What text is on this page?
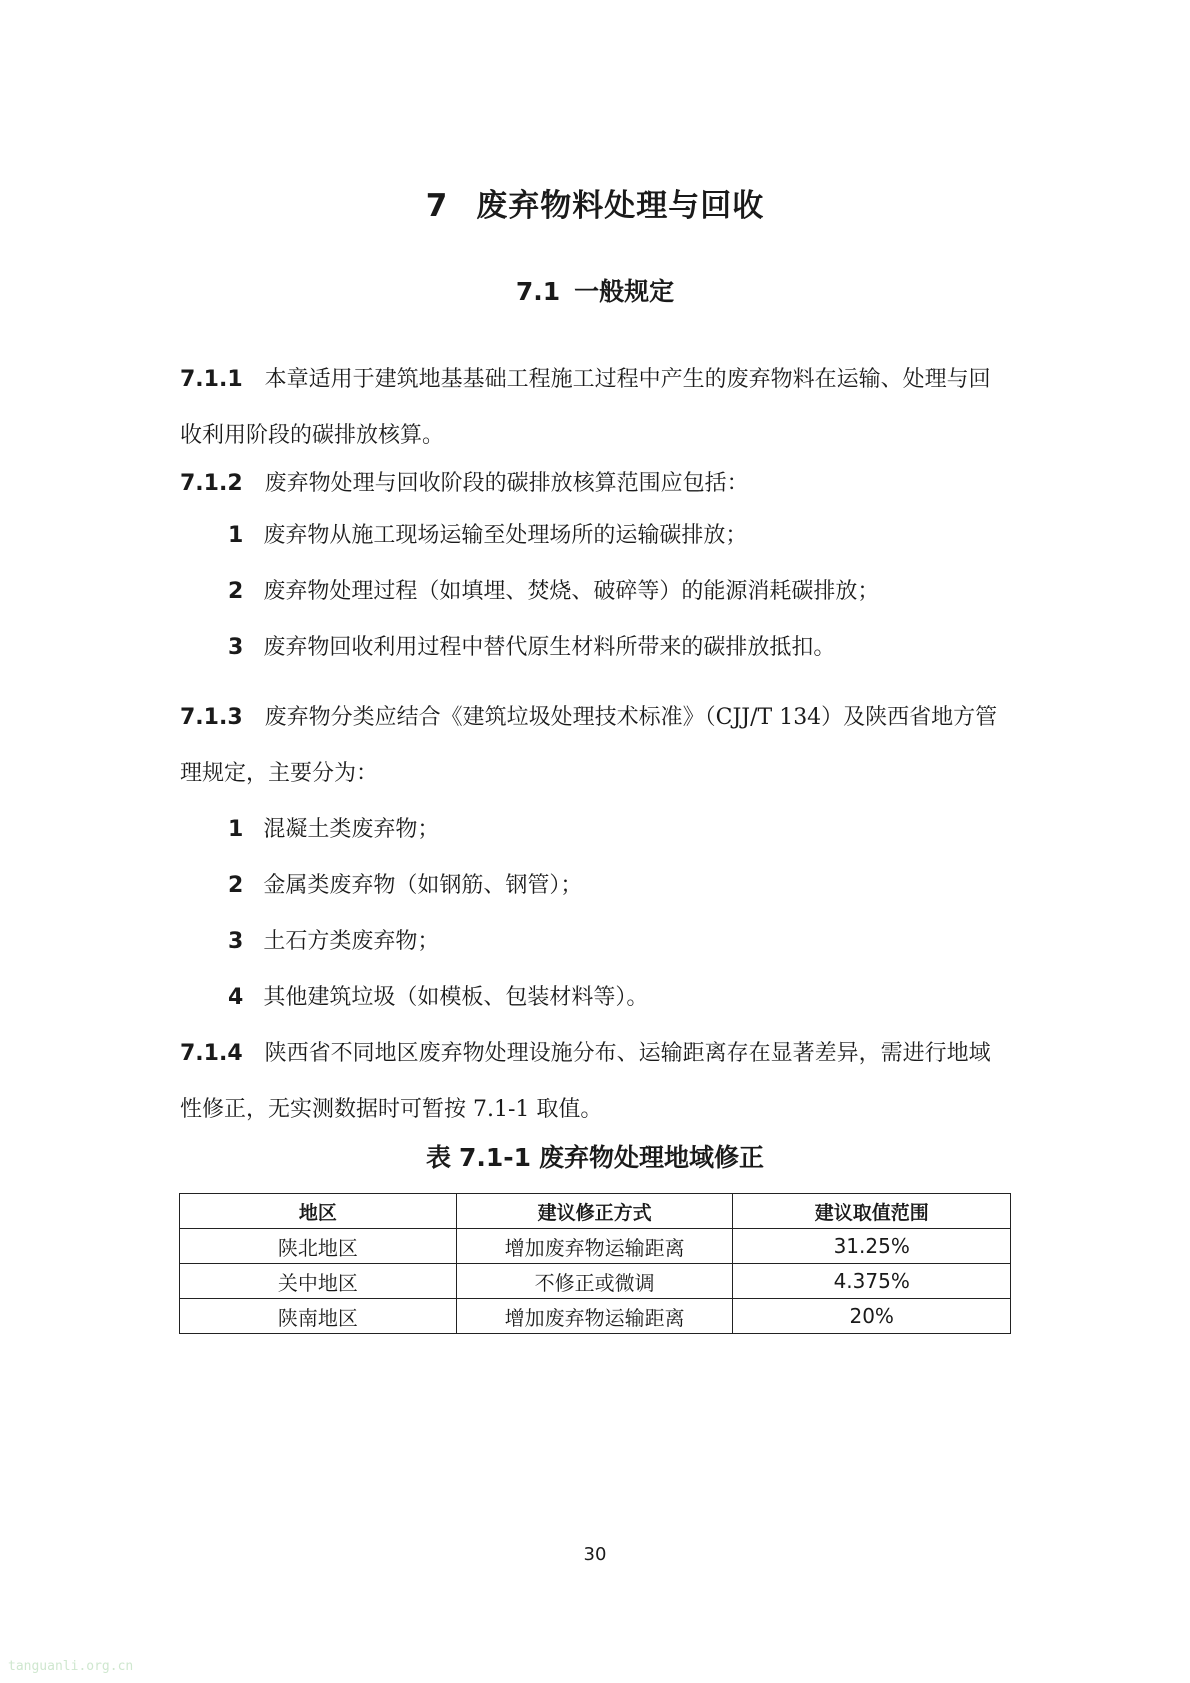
7 废弃物料处理与回收
7.1 一般规定
7.1.1 本章适用于建筑地基基础工程施工过程中产生的废弃物料在运输、处理与回收利用阶段的碳排放核算。
7.1.2 废弃物处理与回收阶段的碳排放核算范围应包括：
1 废弃物从施工现场运输至处理场所的运输碳排放；
2 废弃物处理过程（如填埋、焚烧、破碎等）的能源消耗碳排放；
3 废弃物回收利用过程中替代原生材料所带来的碳排放抵扣。
7.1.3 废弃物分类应结合《建筑垃圾处理技术标准》（CJJ/T 134）及陕西省地方管理规定，主要分为：
1 混凝土类废弃物；
2 金属类废弃物（如钢筋、钢管）；
3 土石方类废弃物；
4 其他建筑垃圾（如模板、包装材料等）。
7.1.4 陕西省不同地区废弃物处理设施分布、运输距离存在显著差异，需进行地域性修正，无实测数据时可暂按 7.1-1 取值。
表 7.1-1 废弃物处理地域修正
地区	建议修正方式	建议取值范围
陕北地区	增加废弃物运输距离	31.25%
关中地区	不修正或微调	4.375%
陕南地区	增加废弃物运输距离	20%
30
tanguanli.org.cn
